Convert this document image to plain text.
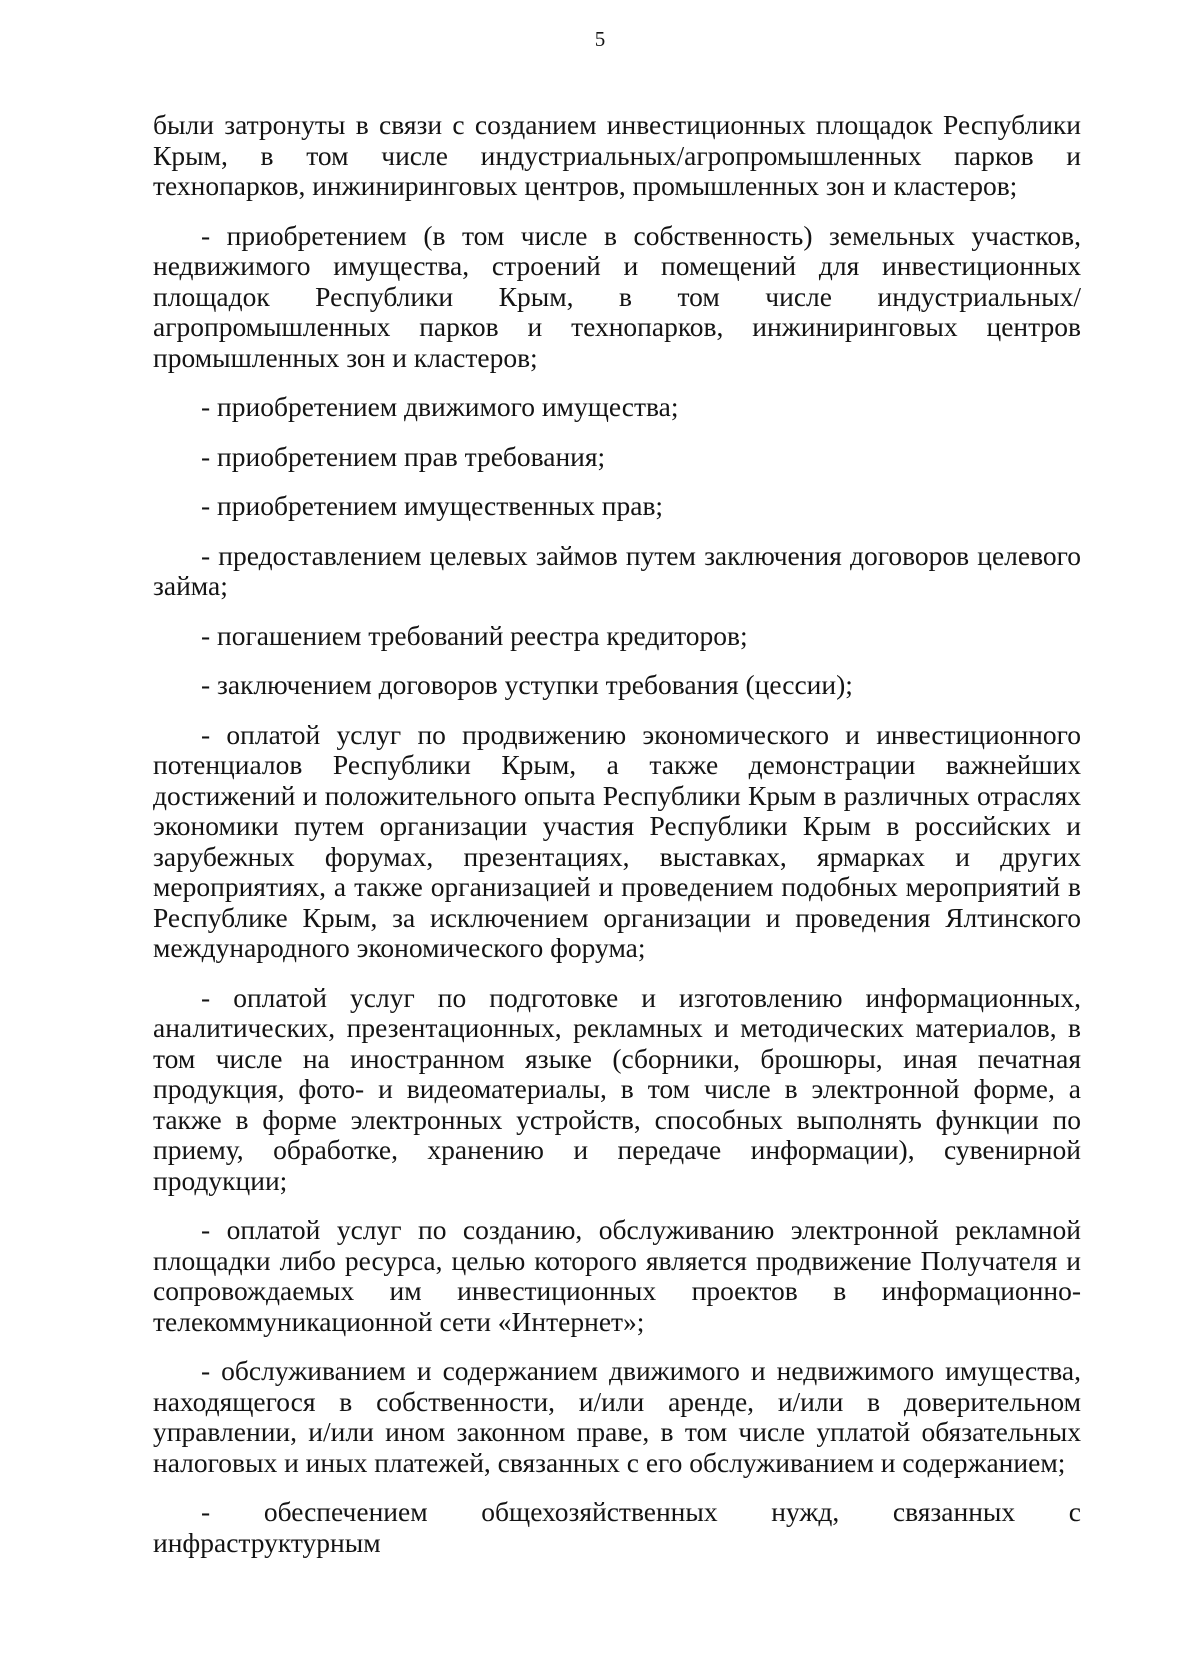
5

были затронуты в связи с созданием инвестиционных площадок Республики Крым, в том числе индустриальных/агропромышленных парков и технопарков, инжиниринговых центров, промышленных зон и кластеров;

- приобретением (в том числе в собственность) земельных участков, недвижимого имущества, строений и помещений для инвестиционных площадок Республики Крым, в том числе индустриальных/агропромышленных парков и технопарков, инжиниринговых центров промышленных зон и кластеров;

- приобретением движимого имущества;

- приобретением прав требования;

- приобретением имущественных прав;

- предоставлением целевых займов путем заключения договоров целевого займа;

- погашением требований реестра кредиторов;

- заключением договоров уступки требования (цессии);

- оплатой услуг по продвижению экономического и инвестиционного потенциалов Республики Крым, а также демонстрации важнейших достижений и положительного опыта Республики Крым в различных отраслях экономики путем организации участия Республики Крым в российских и зарубежных форумах, презентациях, выставках, ярмарках и других мероприятиях, а также организацией и проведением подобных мероприятий в Республике Крым, за исключением организации и проведения Ялтинского международного экономического форума;

- оплатой услуг по подготовке и изготовлению информационных, аналитических, презентационных, рекламных и методических материалов, в том числе на иностранном языке (сборники, брошюры, иная печатная продукция, фото- и видеоматериалы, в том числе в электронной форме, а также в форме электронных устройств, способных выполнять функции по приему, обработке, хранению и передаче информации), сувенирной продукции;

- оплатой услуг по созданию, обслуживанию электронной рекламной площадки либо ресурса, целью которого является продвижение Получателя и сопровождаемых им инвестиционных проектов в информационно-телекоммуникационной сети «Интернет»;

- обслуживанием и содержанием движимого и недвижимого имущества, находящегося в собственности, и/или аренде, и/или в доверительном управлении, и/или ином законном праве, в том числе уплатой обязательных налоговых и иных платежей, связанных с его обслуживанием и содержанием;

- обеспечением общехозяйственных нужд, связанных с инфраструктурным
